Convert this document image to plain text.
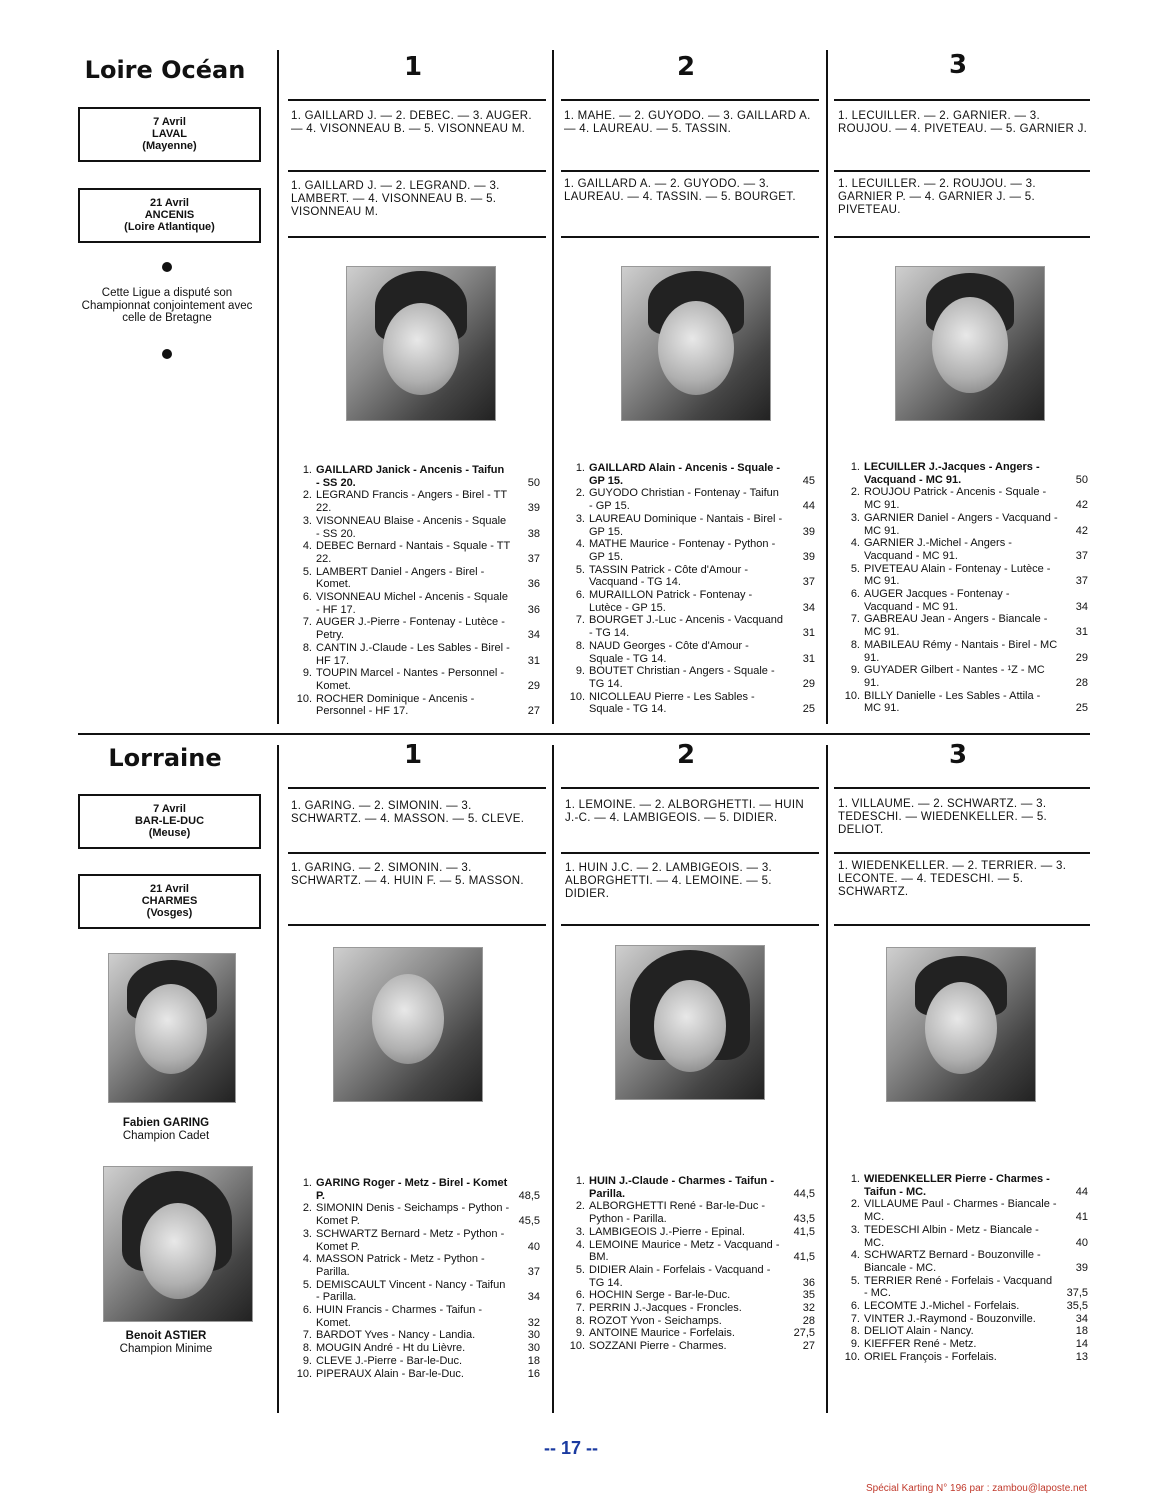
Loire Océan
7 Avril
LAVAL
(Mayenne)
21 Avril
ANCENIS
(Loire Atlantique)
Cette Ligue a disputé son Championnat conjointement avec celle de Bretagne
1
1. GAILLARD J. — 2. DEBEC. — 3. AUGER. — 4. VISONNEAU B. — 5. VISONNEAU M.
1. GAILLARD J. — 2. LEGRAND. — 3. LAMBERT. — 4. VISONNEAU B. — 5. VISONNEAU M.
1. GAILLARD Janick - Ancenis - Taifun - SS 20.	50
2. LEGRAND Francis - Angers - Birel - TT 22.	39
3. VISONNEAU Blaise - Ancenis - Squale - SS 20.	38
4. DEBEC Bernard - Nantais - Squale - TT 22.	37
5. LAMBERT Daniel - Angers - Birel - Komet.	36
6. VISONNEAU Michel - Ancenis - Squale - HF 17.	36
7. AUGER J.-Pierre - Fontenay - Lutèce - Petry.	34
8. CANTIN J.-Claude - Les Sables - Birel - HF 17.	31
9. TOUPIN Marcel - Nantes - Personnel - Komet.	29
10. ROCHER Dominique - Ancenis - Personnel - HF 17.	27
2
1. MAHE. — 2. GUYODO. — 3. GAILLARD A. — 4. LAUREAU. — 5. TASSIN.
1. GAILLARD A. — 2. GUYODO. — 3. LAUREAU. — 4. TASSIN. — 5. BOURGET.
1. GAILLARD Alain - Ancenis - Squale - GP 15.	45
2. GUYODO Christian - Fontenay - Taifun - GP 15.	44
3. LAUREAU Dominique - Nantais - Birel - GP 15.	39
4. MATHE Maurice - Fontenay - Python - GP 15.	39
5. TASSIN Patrick - Côte d'Amour - Vacquand - TG 14.	37
6. MURAILLON Patrick - Fontenay - Lutèce - GP 15.	34
7. BOURGET J.-Luc - Ancenis - Vacquand - TG 14.	31
8. NAUD Georges - Côte d'Amour - Squale - TG 14.	31
9. BOUTET Christian - Angers - Squale - TG 14.	29
10. NICOLLEAU Pierre - Les Sables - Squale - TG 14.	25
3
1. LECUILLER. — 2. GARNIER. — 3. ROUJOU. — 4. PIVETEAU. — 5. GARNIER J.
1. LECUILLER. — 2. ROUJOU. — 3. GARNIER P. — 4. GARNIER J. — 5. PIVETEAU.
1. LECUILLER J.-Jacques - Angers - Vacquand - MC 91.	50
2. ROUJOU Patrick - Ancenis - Squale - MC 91.	42
3. GARNIER Daniel - Angers - Vacquand - MC 91.	42
4. GARNIER J.-Michel - Angers - Vacquand - MC 91.	37
5. PIVETEAU Alain - Fontenay - Lutèce - MC 91.	37
6. AUGER Jacques - Fontenay - Vacquand - MC 91.	34
7. GABREAU Jean - Angers - Biancale - MC 91.	31
8. MABILEAU Rémy - Nantais - Birel - MC 91.	29
9. GUYADER Gilbert - Nantes - ¹Z - MC 91.	28
10. BILLY Danielle - Les Sables - Attila - MC 91.	25
Lorraine
7 Avril
BAR-LE-DUC
(Meuse)
21 Avril
CHARMES
(Vosges)
Fabien GARING
Champion Cadet
Benoit ASTIER
Champion Minime
1
1. GARING. — 2. SIMONIN. — 3. SCHWARTZ. — 4. MASSON. — 5. CLEVE.
1. GARING. — 2. SIMONIN. — 3. SCHWARTZ. — 4. HUIN F. — 5. MASSON.
1. GARING Roger - Metz - Birel - Komet P.	48,5
2. SIMONIN Denis - Seichamps - Python - Komet P.	45,5
3. SCHWARTZ Bernard - Metz - Python - Komet P.	40
4. MASSON Patrick - Metz - Python - Parilla.	37
5. DEMISCAULT Vincent - Nancy - Taifun - Parilla.	34
6. HUIN Francis - Charmes - Taifun - Komet.	32
7. BARDOT Yves - Nancy - Landia.	30
8. MOUGIN André - Ht du Lièvre.	30
9. CLEVE J.-Pierre - Bar-le-Duc.	18
10. PIPERAUX Alain - Bar-le-Duc.	16
2
1. LEMOINE. — 2. ALBORGHETTI. — HUIN J.-C. — 4. LAMBIGEOIS. — 5. DIDIER.
1. HUIN J.C. — 2. LAMBIGEOIS. — 3. ALBORGHETTI. — 4. LEMOINE. — 5. DIDIER.
1. HUIN J.-Claude - Charmes - Taifun - Parilla.	44,5
2. ALBORGHETTI René - Bar-le-Duc - Python - Parilla.	43,5
3. LAMBIGEOIS J.-Pierre - Epinal.	41,5
4. LEMOINE Maurice - Metz - Vacquand - BM.	41,5
5. DIDIER Alain - Forfelais - Vacquand - TG 14.	36
6. HOCHIN Serge - Bar-le-Duc.	35
7. PERRIN J.-Jacques - Froncles.	32
8. ROZOT Yvon - Seichamps.	28
9. ANTOINE Maurice - Forfelais.	27,5
10. SOZZANI Pierre - Charmes.	27
3
1. VILLAUME. — 2. SCHWARTZ. — 3. TEDESCHI. — WIEDENKELLER. — 5. DELIOT.
1. WIEDENKELLER. — 2. TERRIER. — 3. LECONTE. — 4. TEDESCHI. — 5. SCHWARTZ.
1. WIEDENKELLER Pierre - Charmes - Taifun - MC.	44
2. VILLAUME Paul - Charmes - Biancale - MC.	41
3. TEDESCHI Albin - Metz - Biancale - MC.	40
4. SCHWARTZ Bernard - Bouzonville - Biancale - MC.	39
5. TERRIER René - Forfelais - Vacquand - MC.	37,5
6. LECOMTE J.-Michel - Forfelais.	35,5
7. VINTER J.-Raymond - Bouzonville.	34
8. DELIOT Alain - Nancy.	18
9. KIEFFER René - Metz.	14
10. ORIEL François - Forfelais.	13
-- 17 --
Spécial Karting N° 196 par : zambou@laposte.net
